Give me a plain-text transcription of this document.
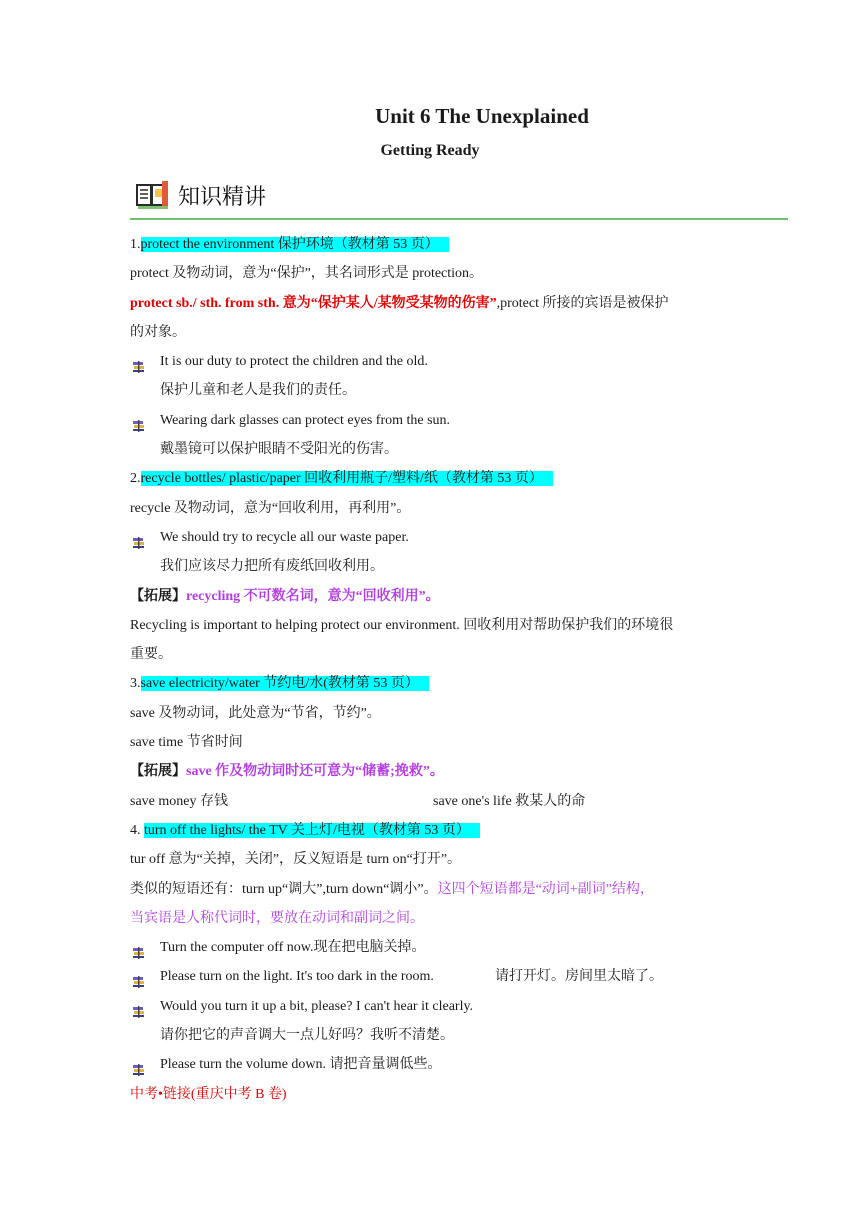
Unit 6 The Unexplained
Getting Ready
知识精讲
1.protect the environment 保护环境（教材第 53 页）
protect 及物动词，意为“保护”，其名词形式是 protection。
protect sb./ sth. from sth. 意为“保护某人/某物受某物的伤害”,protect 所接的宾语是被保护
的对象。
It is our duty to protect the children and the old.
保护儿童和老人是我们的责任。
Wearing dark glasses can protect eyes from the sun.
戴墨镜可以保护眼睛不受阳光的伤害。
2.recycle bottles/ plastic/paper 回收利用瓶子/塑料/纸（教材第 53 页）
recycle 及物动词，意为“回收利用，再利用”。
We should try to recycle all our waste paper.
我们应该尽力把所有废纸回收利用。
【拓展】recycling 不可数名词，意为“回收利用”。
Recycling is important to helping protect our environment. 回收利用对帮助保护我们的环境很
重要。
3.save electricity/water 节约电/水(教材第 53 页）
save 及物动词，此处意为“节省，节约”。
save time 节省时间
【拓展】save 作及物动词时还可意为“储蓄;挽救”。
save money 存钱	save one's life 救某人的命
4. turn off the lights/ the TV 关上灯/电视（教材第 53 页）
tur off 意为“关掉，关闭”，反义短语是 turn on“打开”。
类似的短语还有：turn up“调大”,turn down“调小”。这四个短语都是“动词+副词”结构，
当宾语是人称代词时，要放在动词和副词之间。
Turn the computer off now.现在把电脑关掉。
Please turn on the light. It's too dark in the room.	请打开灯。房间里太暗了。
Would you turn it up a bit, please? I can't hear it clearly.
请你把它的声音调大一点儿好吗？我听不清楚。
Please turn the volume down. 请把音量调低些。
中考•链接(重庆中考 B 卷)
